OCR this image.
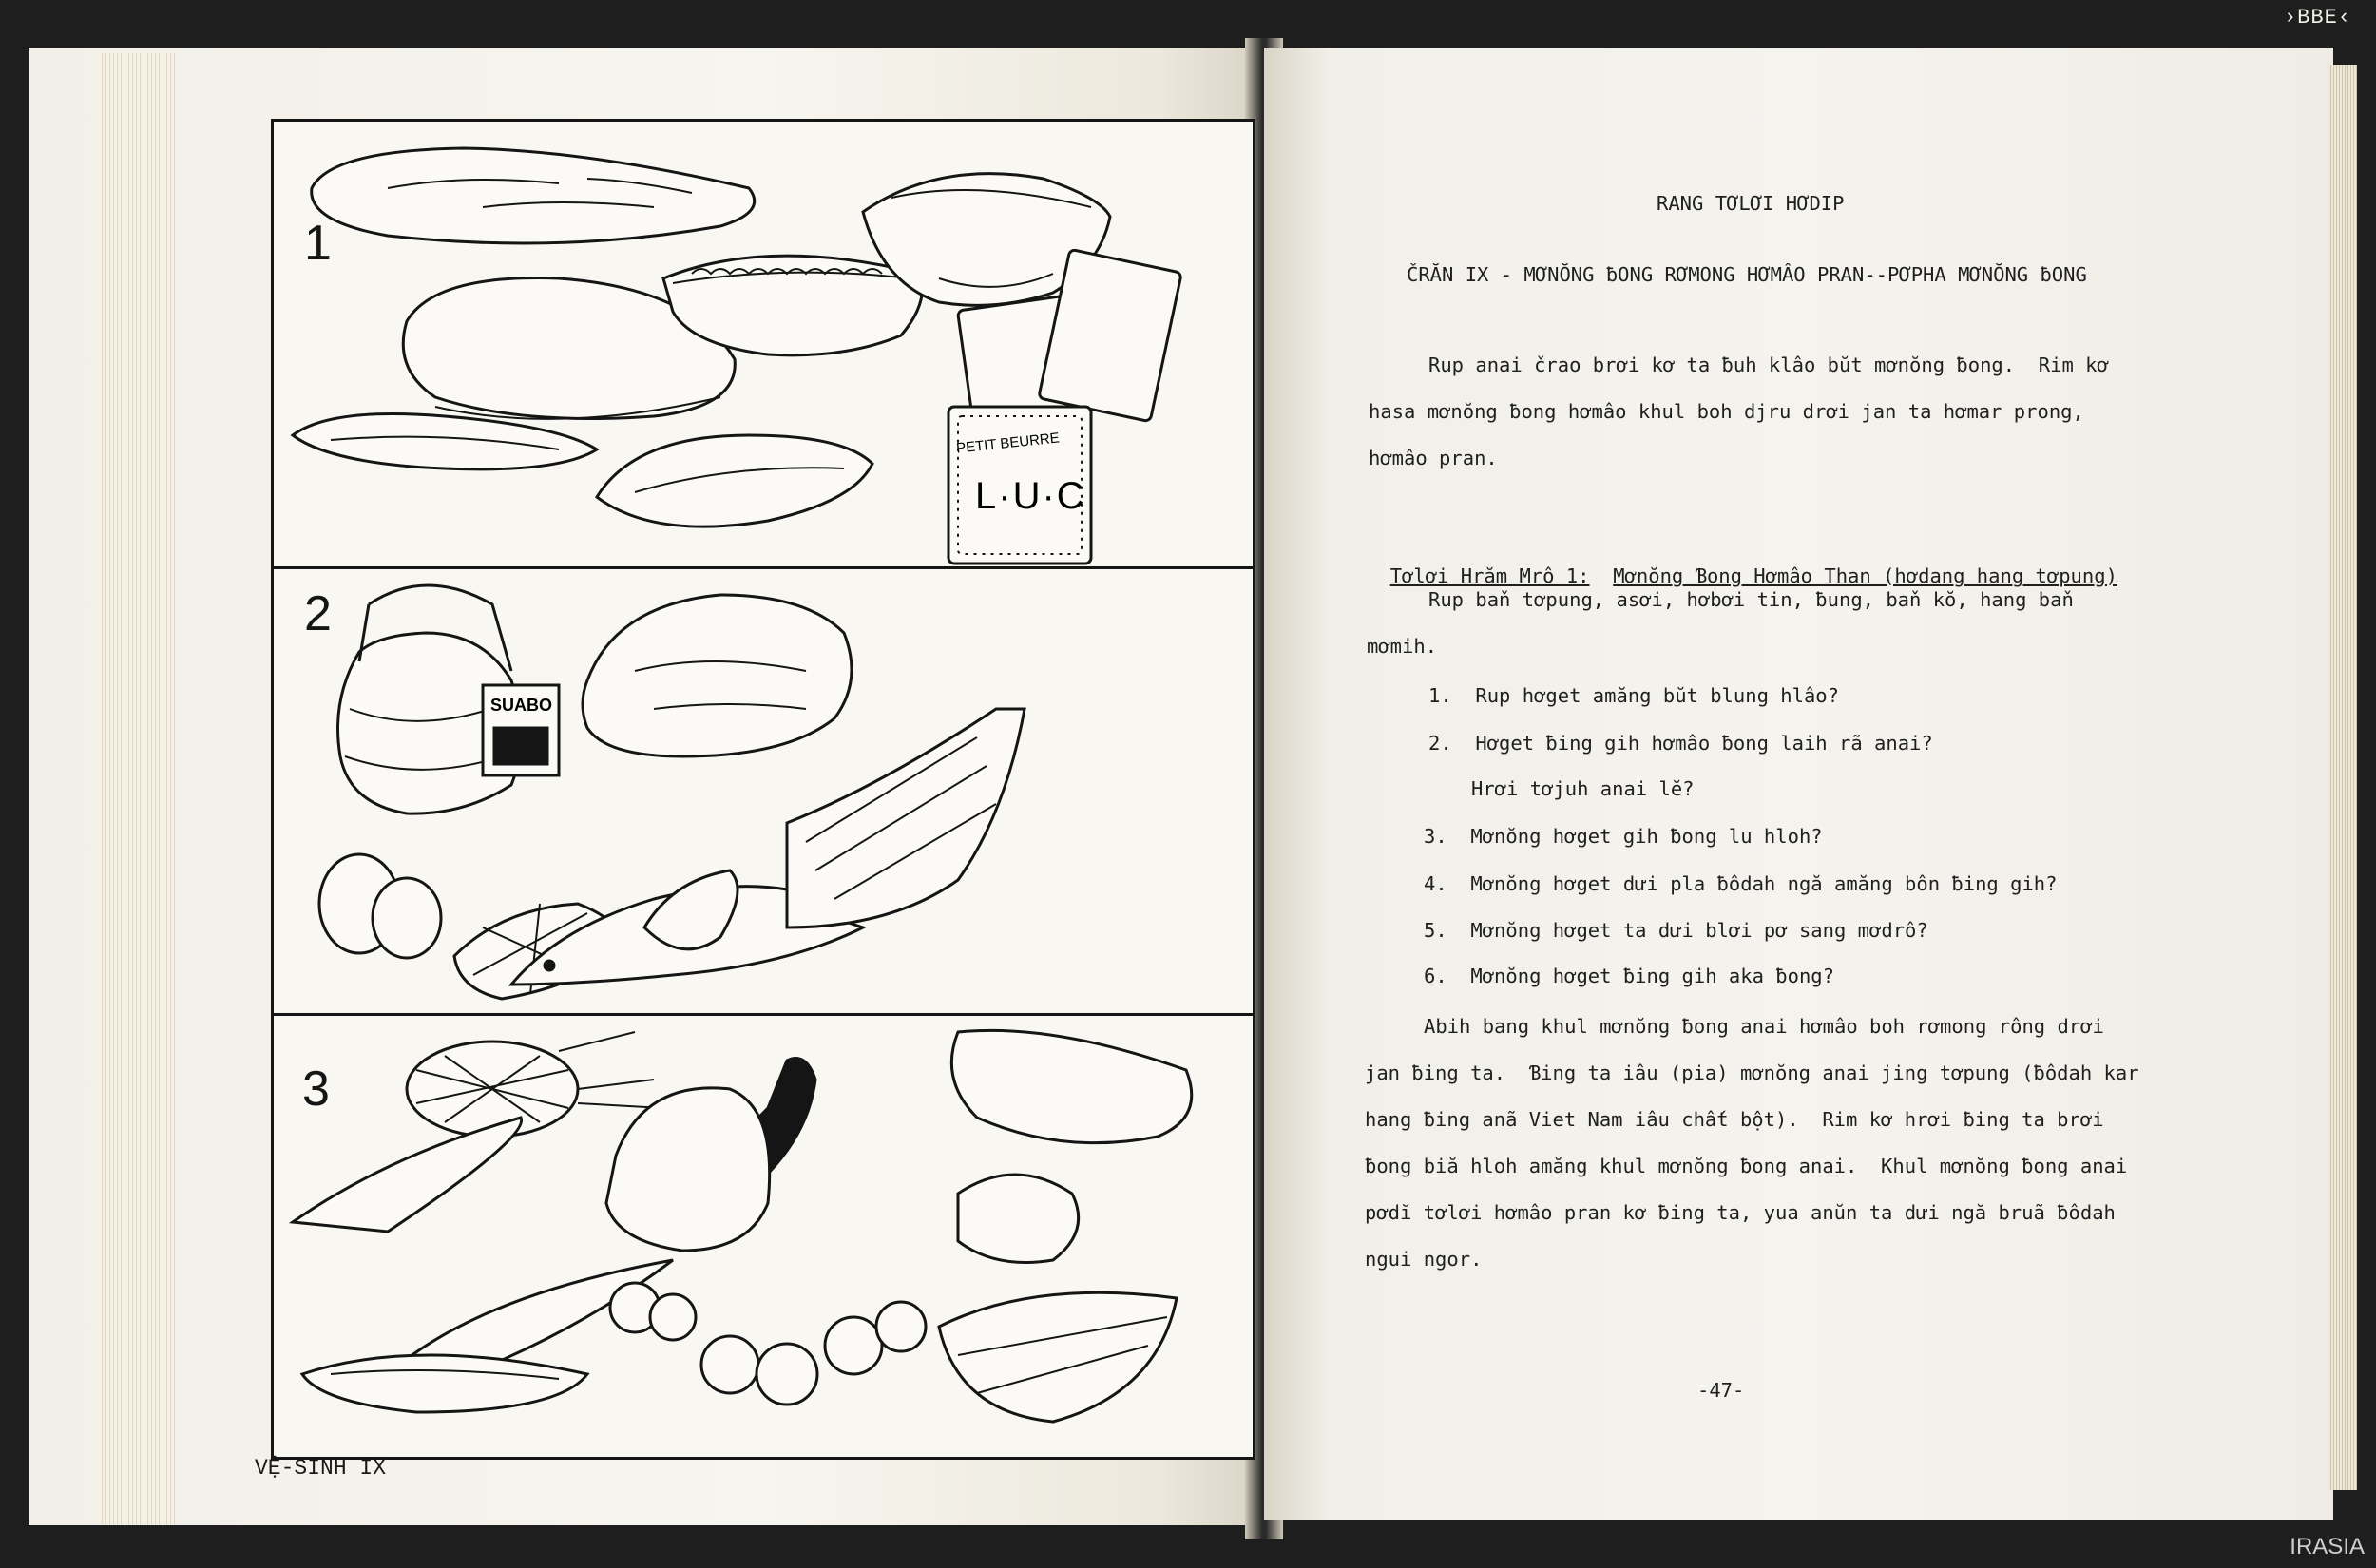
›BBE‹
1
PETIT BEURRE
L·U·C
2
SUABO
3
VỆ-SINH IX
RANG TƠLƠI HƠDIP
ČRĂN IX - MƠNŎNG ƀONG RƠMONG HƠMÂO PRAN--PƠPHA MƠNŎNG ƀONG
Rup anai črao brơi kơ ta ƀuh klâo bŭt mơnŏng ƀong.  Rim kơ
hasa mơnŏng ƀong hơmâo khul boh djru drơi jan ta hơmar prong,
hơmâo pran.

Tơlơi Hrăm Mrô 1: Mơnŏng Ɓong Hơmâo Than (hơdang hang tơpung)

Rup baň tơpung, asơi, hơbơi tin, ƀung, baň kŏ, hang baň
mơmih.
1. Rup hơget amăng bŭt blung hlâo?
2. Hơget ƀing gih hơmâo ƀong laih rã anai?
Hrơi tơjuh anai lĕ?
3. Mơnŏng hơget gih ƀong lu hloh?
4. Mơnŏng hơget dưi pla ƀôdah ngă amăng bôn ƀing gih?
5. Mơnŏng hơget ta dưi blơi pơ sang mơdrô?
6. Mơnŏng hơget ƀing gih aka ƀong?
Abih bang khul mơnŏng ƀong anai hơmâo boh rơmong rông drơi
jan ƀing ta.  Ɓing ta iâu (pia) mơnŏng anai jing tơpung (ƀôdah kar
hang ƀing anã Viet Nam iâu chất bột).  Rim kơ hrơi ƀing ta brơi
ƀong biă hloh amăng khul mơnŏng ƀong anai.  Khul mơnŏng ƀong anai
pơdĭ tơlơi hơmâo pran kơ ƀing ta, yua anŭn ta dưi ngă bruã ƀôdah
ngui ngor.
-47-
IRASIA
